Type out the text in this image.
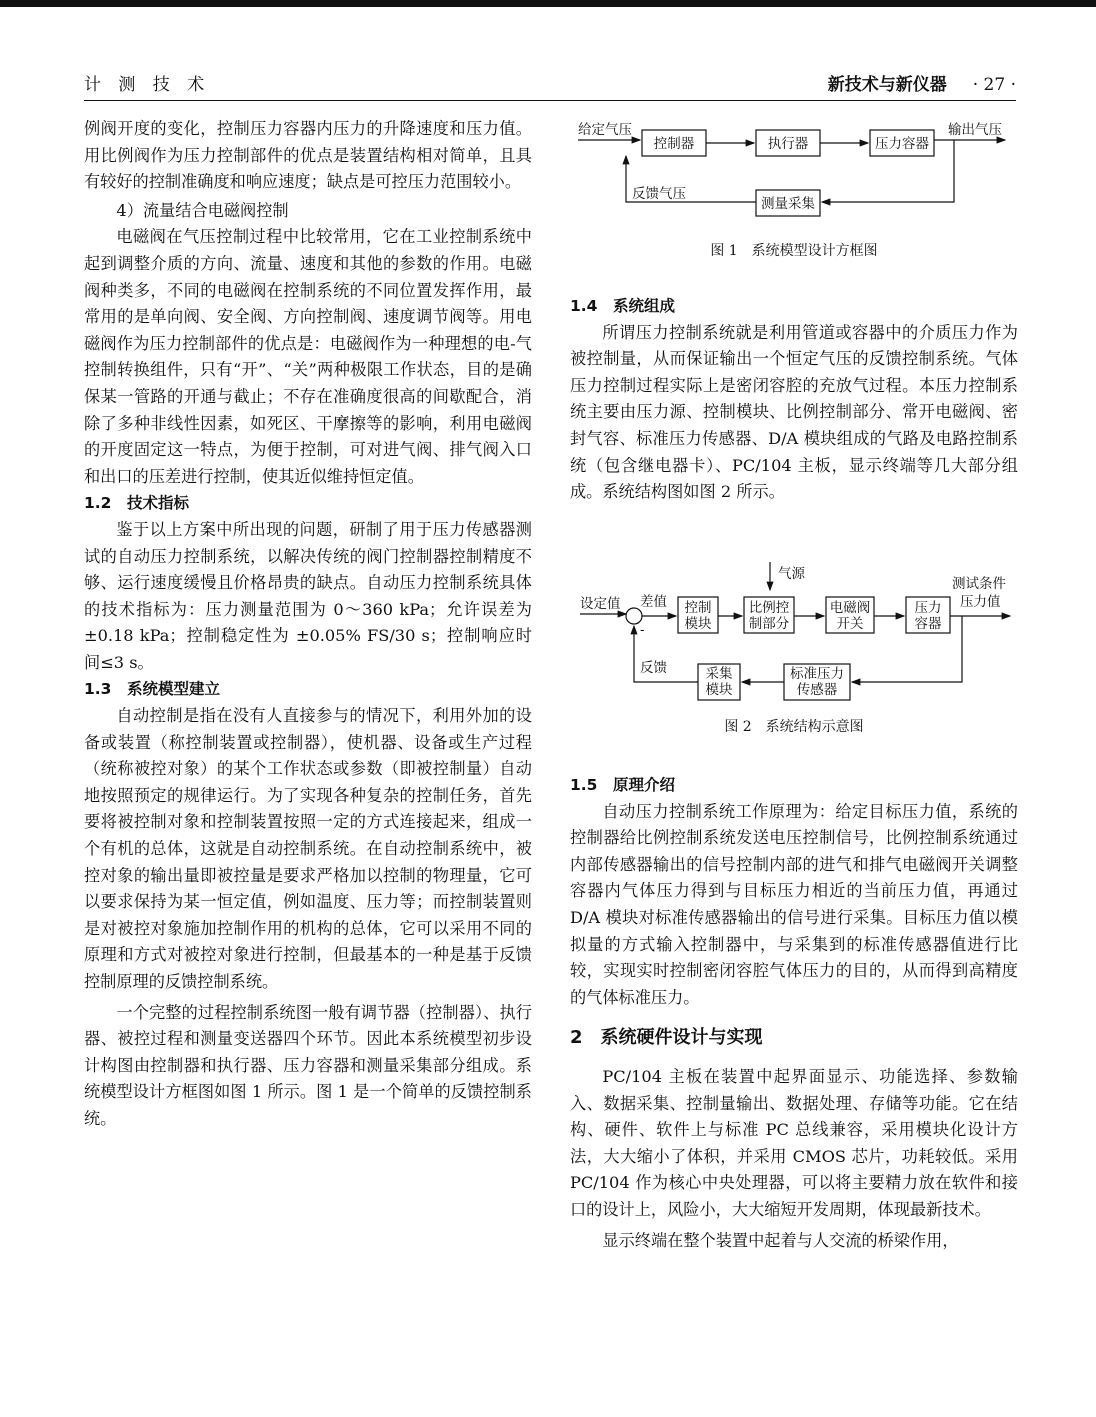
计 测 技 术	新技术与新仪器 · 27 ·

例阀开度的变化，控制压力容器内压力的升降速度和压力值。用比例阀作为压力控制部件的优点是装置结构相对简单，且具有较好的控制准确度和响应速度；缺点是可控压力范围较小。

4）流量结合电磁阀控制

电磁阀在气压控制过程中比较常用，它在工业控制系统中起到调整介质的方向、流量、速度和其他的参数的作用。电磁阀种类多，不同的电磁阀在控制系统的不同位置发挥作用，最常用的是单向阀、安全阀、方向控制阀、速度调节阀等。用电磁阀作为压力控制部件的优点是：电磁阀作为一种理想的电-气控制转换组件，只有“开”、“关”两种极限工作状态，目的是确保某一管路的开通与截止；不存在准确度很高的间歇配合，消除了多种非线性因素，如死区、干摩擦等的影响，利用电磁阀的开度固定这一特点，为便于控制，可对进气阀、排气阀入口和出口的压差进行控制，使其近似维持恒定值。

1.2　技术指标

鉴于以上方案中所出现的问题，研制了用于压力传感器测试的自动压力控制系统，以解决传统的阀门控制器控制精度不够、运行速度缓慢且价格昂贵的缺点。自动压力控制系统具体的技术指标为：压力测量范围为 0～360 kPa；允许误差为 ±0.18 kPa；控制稳定性为 ±0.05% FS/30 s；控制响应时间≤3 s。

1.3　系统模型建立

自动控制是指在没有人直接参与的情况下，利用外加的设备或装置（称控制装置或控制器），使机器、设备或生产过程（统称被控对象）的某个工作状态或参数（即被控制量）自动地按照预定的规律运行。为了实现各种复杂的控制任务，首先要将被控制对象和控制装置按照一定的方式连接起来，组成一个有机的总体，这就是自动控制系统。在自动控制系统中，被控对象的输出量即被控量是要求严格加以控制的物理量，它可以要求保持为某一恒定值，例如温度、压力等；而控制装置则是对被控对象施加控制作用的机构的总体，它可以采用不同的原理和方式对被控对象进行控制，但最基本的一种是基于反馈控制原理的反馈控制系统。

一个完整的过程控制系统图一般有调节器（控制器）、执行器、被控过程和测量变送器四个环节。因此本系统模型初步设计构图由控制器和执行器、压力容器和测量采集部分组成。系统模型设计方框图如图 1 所示。图 1 是一个简单的反馈控制系统。

给定气压
控制器	执行器	压力容器
输出气压
测量采集
反馈气压
图 1　系统模型设计方框图

1.4　系统组成

所谓压力控制系统就是利用管道或容器中的介质压力作为被控制量，从而保证输出一个恒定气压的反馈控制系统。气体压力控制过程实际上是密闭容腔的充放气过程。本压力控制系统主要由压力源、控制模块、比例控制部分、常开电磁阀、密封气容、标准压力传感器、D/A 模块组成的气路及电路控制系统（包含继电器卡）、PC/104 主板，显示终端等几大部分组成。系统结构图如图 2 所示。

气源
设定值 差值
-
控制
模块
比例控
制部分
电磁阀
开关
压力
容器
测试条件
压力值
标准压力
传感器
采集
模块
反馈
图 2　系统结构示意图

1.5　原理介绍

自动压力控制系统工作原理为：给定目标压力值，系统的控制器给比例控制系统发送电压控制信号，比例控制系统通过内部传感器输出的信号控制内部的进气和排气电磁阀开关调整容器内气体压力得到与目标压力相近的当前压力值，再通过 D/A 模块对标准传感器输出的信号进行采集。目标压力值以模拟量的方式输入控制器中，与采集到的标准传感器值进行比较，实现实时控制密闭容腔气体压力的目的，从而得到高精度的气体标准压力。

2　系统硬件设计与实现

PC/104 主板在装置中起界面显示、功能选择、参数输入、数据采集、控制量输出、数据处理、存储等功能。它在结构、硬件、软件上与标准 PC 总线兼容，采用模块化设计方法，大大缩小了体积，并采用 CMOS 芯片，功耗较低。采用 PC/104 作为核心中央处理器，可以将主要精力放在软件和接口的设计上，风险小，大大缩短开发周期，体现最新技术。

显示终端在整个装置中起着与人交流的桥梁作用，
